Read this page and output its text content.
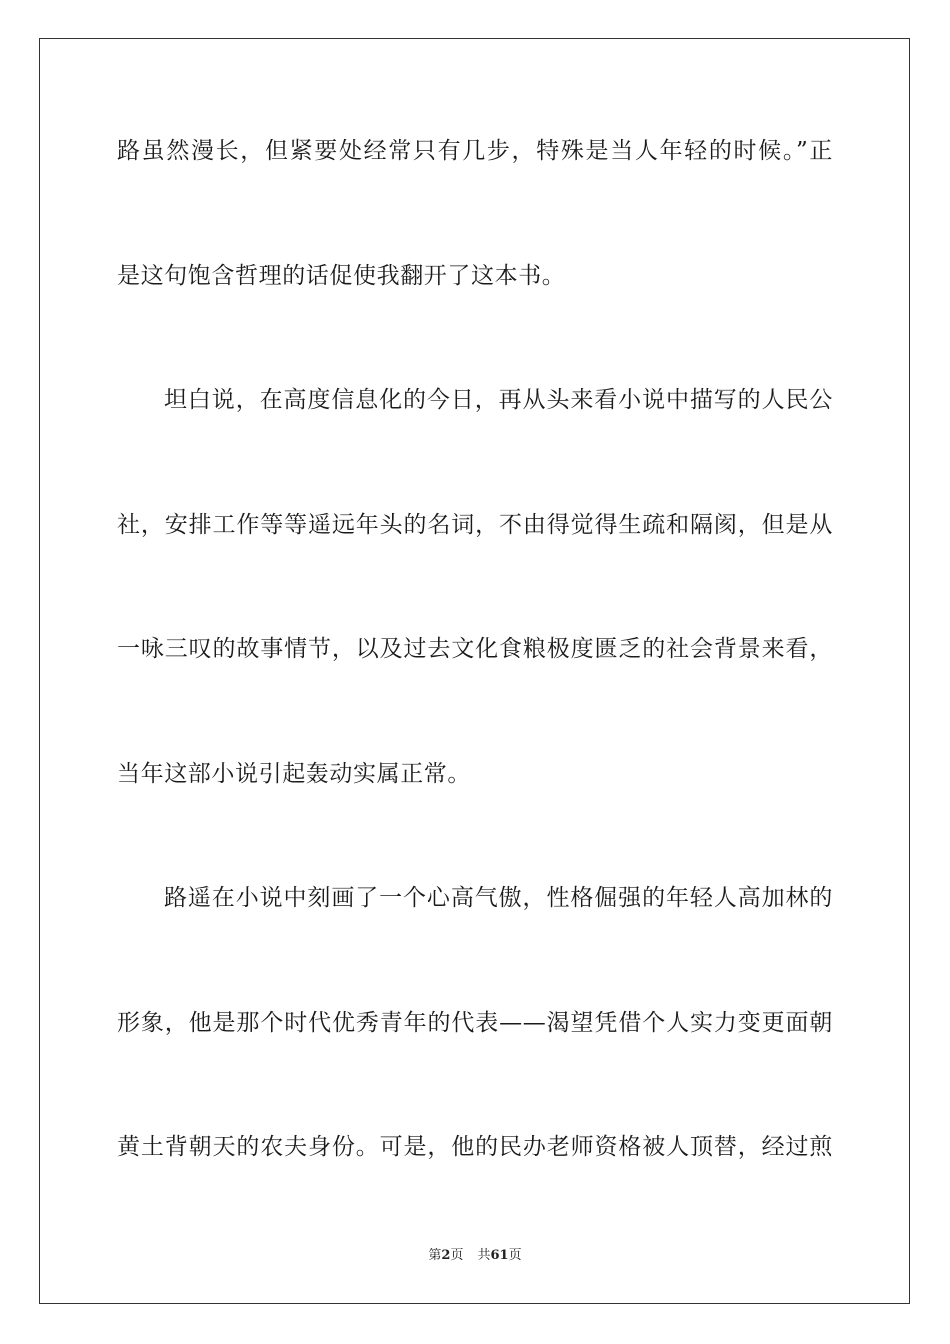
路虽然漫长，但紧要处经常只有几步，特殊是当人年轻的时候。”正
是这句饱含哲理的话促使我翻开了这本书。
坦白说，在高度信息化的今日，再从头来看小说中描写的人民公
社，安排工作等等遥远年头的名词，不由得觉得生疏和隔阂，但是从
一咏三叹的故事情节，以及过去文化食粮极度匮乏的社会背景来看，
当年这部小说引起轰动实属正常。
路遥在小说中刻画了一个心高气傲，性格倔强的年轻人高加林的
形象，他是那个时代优秀青年的代表——渴望凭借个人实力变更面朝
黄土背朝天的农夫身份。可是，他的民办老师资格被人顶替，经过煎
第2页 共61页
